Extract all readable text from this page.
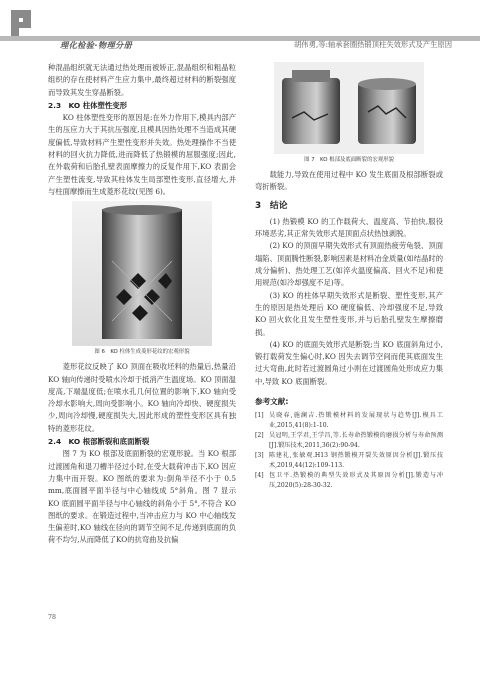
理化检验·物理分册	胡伟勇,等:轴承套圈热锻顶柱失效形式及产生原因

种混晶组织就无法通过热处理而被矫正,混晶组织和粗晶粒组织的存在使材料产生应力集中,最终超过材料的断裂强度而导致其发生穿晶断裂。

2.3　KO 柱体塑性变形

KO 柱体塑性变形的原因是:在外力作用下,模具内部产生的压应力大于其抗压强度,且模具因热处理不当造成其硬度偏低,导致材料产生塑性变形并失效。热处理操作不当使材料的回火抗力降低,进而降低了热锻模的屈服强度;因此,在外载荷和后胎孔壁表面摩擦力的反复作用下,KO 表面会产生塑性流变,导致其柱体发生局部塑性变形,直径增大,并与柱面摩擦而生成菱形花纹(见图 6)。

图 6　KO 柱体生成菱形花纹的宏观形貌

菱形花纹反映了 KO 顶面在吸收坯料的热量后,热量沿 KO 轴向传递时受喷水冷却于抵消产生温度场。KO 顶面温度高,下端温度低;在喷水孔几何位置的影响下,KO 轴向受冷却水影响大,周向受影响小。KO 轴向冷却快、硬度损失少,周向冷却慢,硬度损失大,因此形成的塑性变形区具有独特的菱形花纹。

2.4　KO 根部断裂和底面断裂

图 7 为 KO 根部及底面断裂的宏观形貌。当 KO 根部过渡圆角和退刀槽半径过小时,在受大载荷冲击下,KO 因应力集中而开裂。KO 图纸的要求为:倒角半径不小于 0.5 mm,底面圆平面半径与中心轴线成 5°斜角。图 7 显示 KO 底面圆平面半径与中心轴线的斜角小于 5°,不符合 KO 图纸的要求。在锻造过程中,当冲击应力与 KO 中心轴线发生偏差时,KO 轴线在径向的调节空间不足,传递到底面的负荷不均匀,从而降低了KO的抗弯曲及抗偏

图 7　KO 根部及底面断裂的宏观形貌

载能力,导致在使用过程中 KO 发生底面及根部断裂或弯折断裂。

3　结论

(1) 热锻模 KO 的工作载荷大、温度高、节拍快,服役环境恶劣,其正常失效形式是顶面点状热蚀剥脱。

(2) KO 的顶面早期失效形式有顶面热疲劳龟裂、顶面塌陷、顶面腾性断裂,影响因素是材料冶金质量(如结晶时的成分偏析)、热处理工艺(如淬火温度偏高、回火不足)和使用规范(如冷却强度不足)等。

(3) KO 的柱体早期失效形式是断裂、塑性变形,其产生的原因是热处理后 KO 硬度偏低、冷却强度不足,导致 KO 回火软化且发生塑性变形,并与后胎孔壁发生摩擦磨损。

(4) KO 的底面失效形式是断裂;当 KO 底面斜角过小,锻打载荷发生偏心时,KO 因失去调节空间而使其底面发生过大弯曲,此时若过渡圆角过小则在过渡圆角处形成应力集中,导致 KO 底面断裂。

参考文献:
[1] 吴晓春,施澜吉.热锻模材料的发展现状与趋势[J].模具工业,2015,41(8):1-10.
[2] 吴冠明,王学君,王学昌,等.长寿命热锻模的磨损分析与寿命预测[J].锻压技术,2011,36(2):90-94.
[3] 陈建礼,张敏观.H13 钢热锻模开裂失效原因分析[J].锻压技术,2019,44(12):109-113.
[4] 包卫平.热锻模的典型失效形式及其原因分析[J].锻造与冲压,2020(5):28-30-32.
78
